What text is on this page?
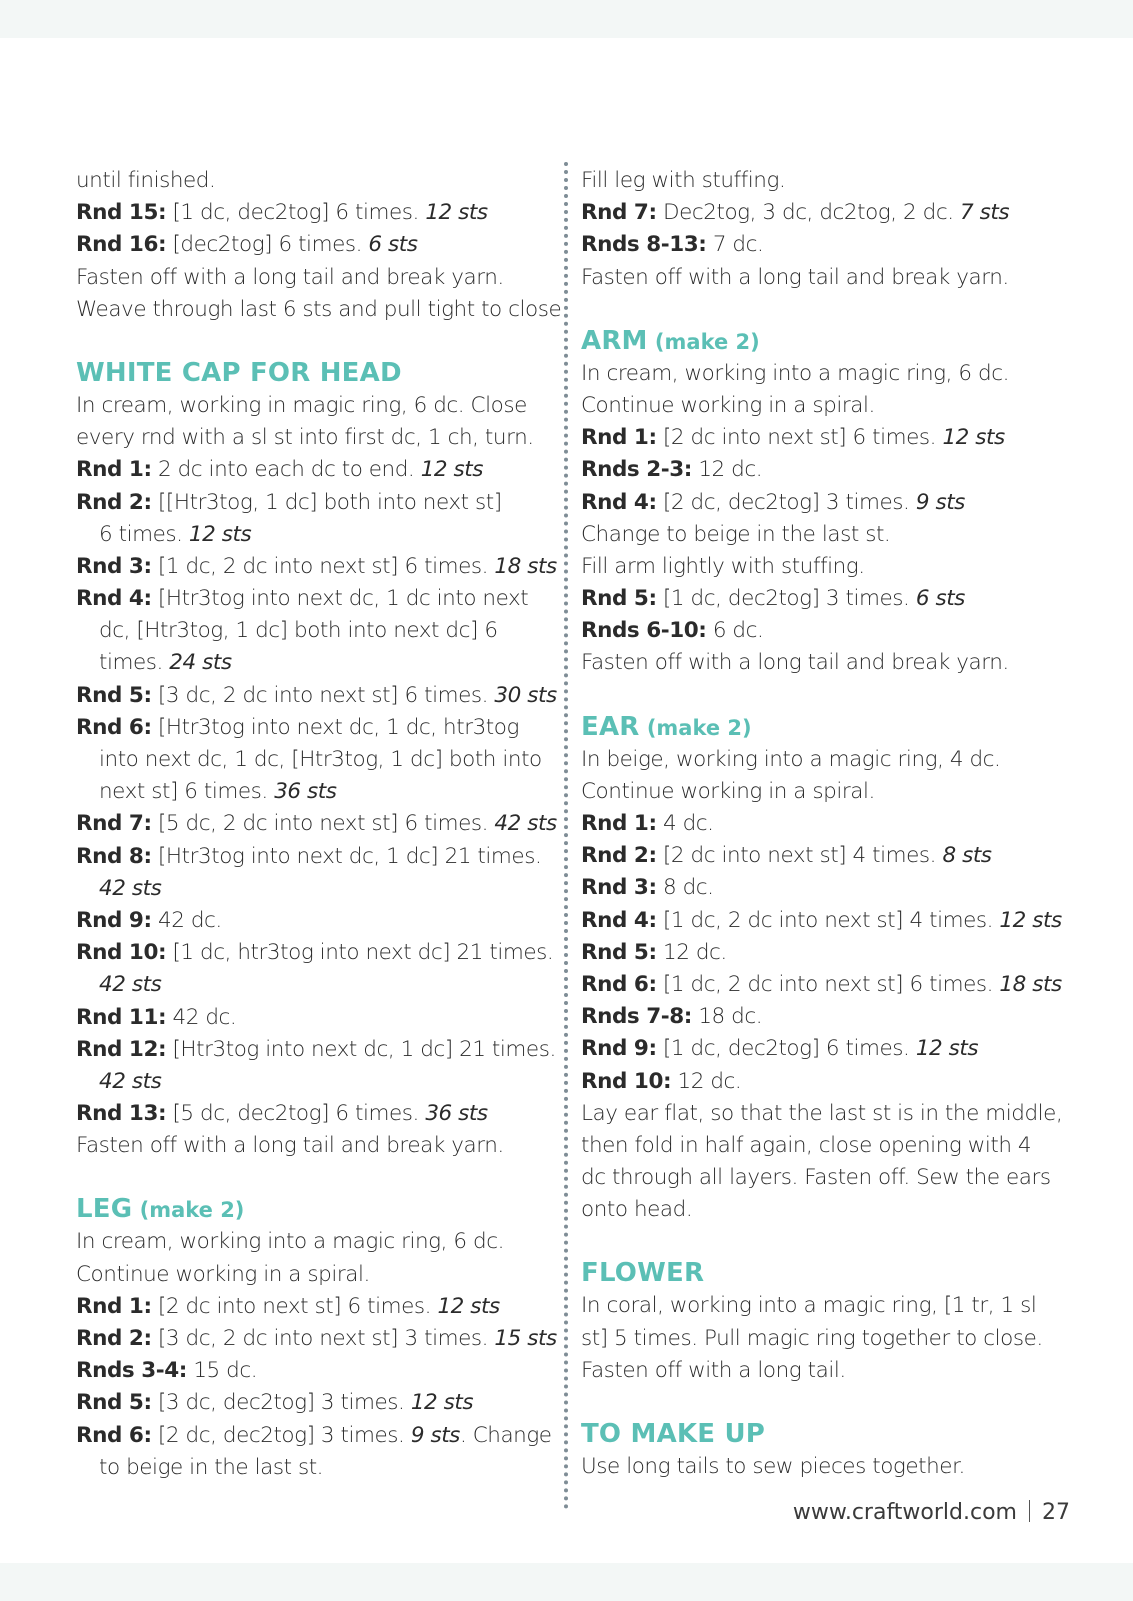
until finished.
Rnd 15: [1 dc, dec2tog] 6 times. 12 sts
Rnd 16: [dec2tog] 6 times. 6 sts
Fasten off with a long tail and break yarn.
Weave through last 6 sts and pull tight to close.
WHITE CAP FOR HEAD
In cream, working in magic ring, 6 dc. Close
every rnd with a sl st into first dc, 1 ch, turn.
Rnd 1: 2 dc into each dc to end. 12 sts
Rnd 2: [[Htr3tog, 1 dc] both into next st]
6 times. 12 sts
Rnd 3: [1 dc, 2 dc into next st] 6 times. 18 sts
Rnd 4: [Htr3tog into next dc, 1 dc into next
dc, [Htr3tog, 1 dc] both into next dc] 6
times. 24 sts
Rnd 5: [3 dc, 2 dc into next st] 6 times. 30 sts
Rnd 6: [Htr3tog into next dc, 1 dc, htr3tog
into next dc, 1 dc, [Htr3tog, 1 dc] both into
next st] 6 times. 36 sts
Rnd 7: [5 dc, 2 dc into next st] 6 times. 42 sts
Rnd 8: [Htr3tog into next dc, 1 dc] 21 times.
42 sts
Rnd 9: 42 dc.
Rnd 10: [1 dc, htr3tog into next dc] 21 times.
42 sts
Rnd 11: 42 dc.
Rnd 12: [Htr3tog into next dc, 1 dc] 21 times.
42 sts
Rnd 13: [5 dc, dec2tog] 6 times. 36 sts
Fasten off with a long tail and break yarn.
LEG (make 2)
In cream, working into a magic ring, 6 dc.
Continue working in a spiral.
Rnd 1: [2 dc into next st] 6 times. 12 sts
Rnd 2: [3 dc, 2 dc into next st] 3 times. 15 sts
Rnds 3-4: 15 dc.
Rnd 5: [3 dc, dec2tog] 3 times. 12 sts
Rnd 6: [2 dc, dec2tog] 3 times. 9 sts. Change
to beige in the last st.
Fill leg with stuffing.
Rnd 7: Dec2tog, 3 dc, dc2tog, 2 dc. 7 sts
Rnds 8-13: 7 dc.
Fasten off with a long tail and break yarn.
ARM (make 2)
In cream, working into a magic ring, 6 dc.
Continue working in a spiral.
Rnd 1: [2 dc into next st] 6 times. 12 sts
Rnds 2-3: 12 dc.
Rnd 4: [2 dc, dec2tog] 3 times. 9 sts
Change to beige in the last st.
Fill arm lightly with stuffing.
Rnd 5: [1 dc, dec2tog] 3 times. 6 sts
Rnds 6-10: 6 dc.
Fasten off with a long tail and break yarn.
EAR (make 2)
In beige, working into a magic ring, 4 dc.
Continue working in a spiral.
Rnd 1: 4 dc.
Rnd 2: [2 dc into next st] 4 times. 8 sts
Rnd 3: 8 dc.
Rnd 4: [1 dc, 2 dc into next st] 4 times. 12 sts
Rnd 5: 12 dc.
Rnd 6: [1 dc, 2 dc into next st] 6 times. 18 sts
Rnds 7-8: 18 dc.
Rnd 9: [1 dc, dec2tog] 6 times. 12 sts
Rnd 10: 12 dc.
Lay ear flat, so that the last st is in the middle,
then fold in half again, close opening with 4
dc through all layers. Fasten off. Sew the ears
onto head.
FLOWER
In coral, working into a magic ring, [1 tr, 1 sl
st] 5 times. Pull magic ring together to close.
Fasten off with a long tail.
TO MAKE UP
Use long tails to sew pieces together.
www.craftworld.com 27
